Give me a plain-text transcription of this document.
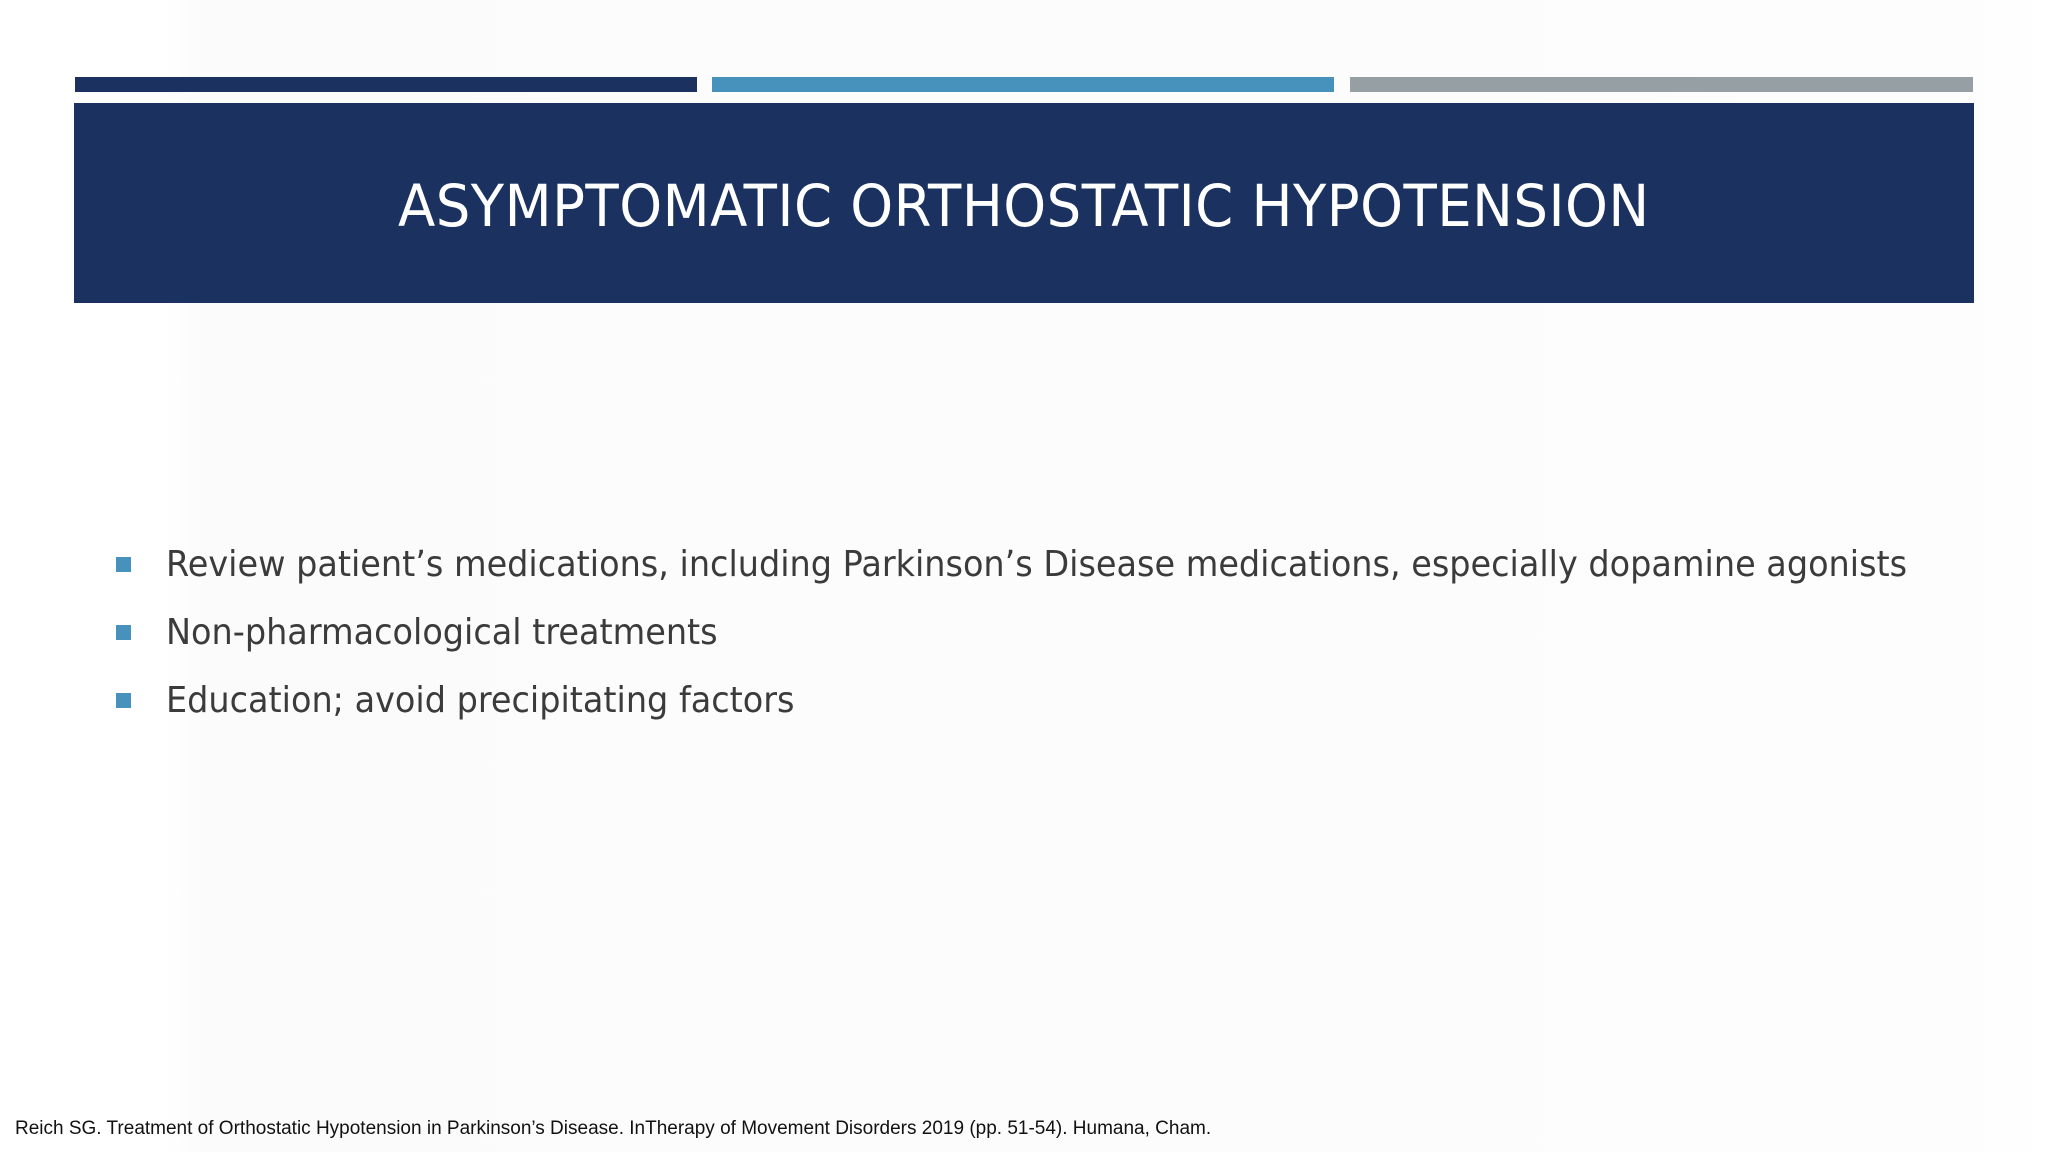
ASYMPTOMATIC ORTHOSTATIC HYPOTENSION
Review patient’s medications, including Parkinson’s Disease medications, especially dopamine agonists
Non-pharmacological treatments
Education; avoid precipitating factors
Reich SG. Treatment of Orthostatic Hypotension in Parkinson’s Disease. InTherapy of Movement Disorders 2019 (pp. 51-54). Humana, Cham.
